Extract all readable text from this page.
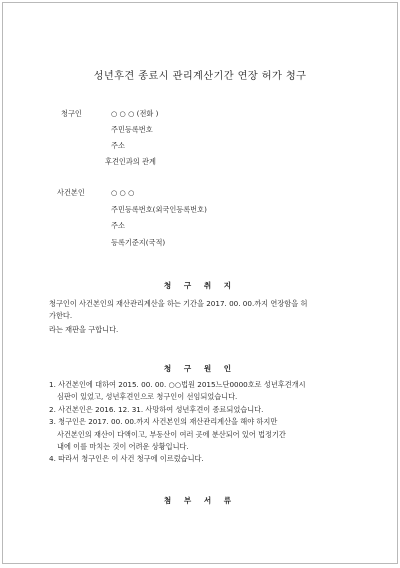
성년후견 종료시 관리계산기간 연장 허가 청구
청구인	○ ○ ○ (전화 )
주민등록번호
주소
후견인과의 관계
사건본인	○ ○ ○
주민등록번호(외국인등록번호)
주소
등록기준지(국적)
청 구 취 지
청구인이 사건본인의 재산관리계산을 하는 기간을 2017. 00. 00.까지 연장함을 허
가한다.
라는 재판을 구합니다.
청 구 원 인
1. 사건본인에 대하여 2015. 00. 00. ○○법원 2015느단0000호로 성년후견개시
심판이 있었고, 성년후견인으로 청구인이 선임되었습니다.
2. 사건본인은 2016. 12. 31. 사망하여 성년후견이 종료되었습니다.
3. 청구인은 2017. 00. 00.까지 사건본인의 재산관리계산을 해야 하지만
사건본인의 재산이 다액이고, 부동산이 여러 곳에 분산되어 있어 법정기간
내에 이를 마치는 것이 어려운 상황입니다.
4. 따라서 청구인은 이 사건 청구에 이르렀습니다.
첨 부 서 류
